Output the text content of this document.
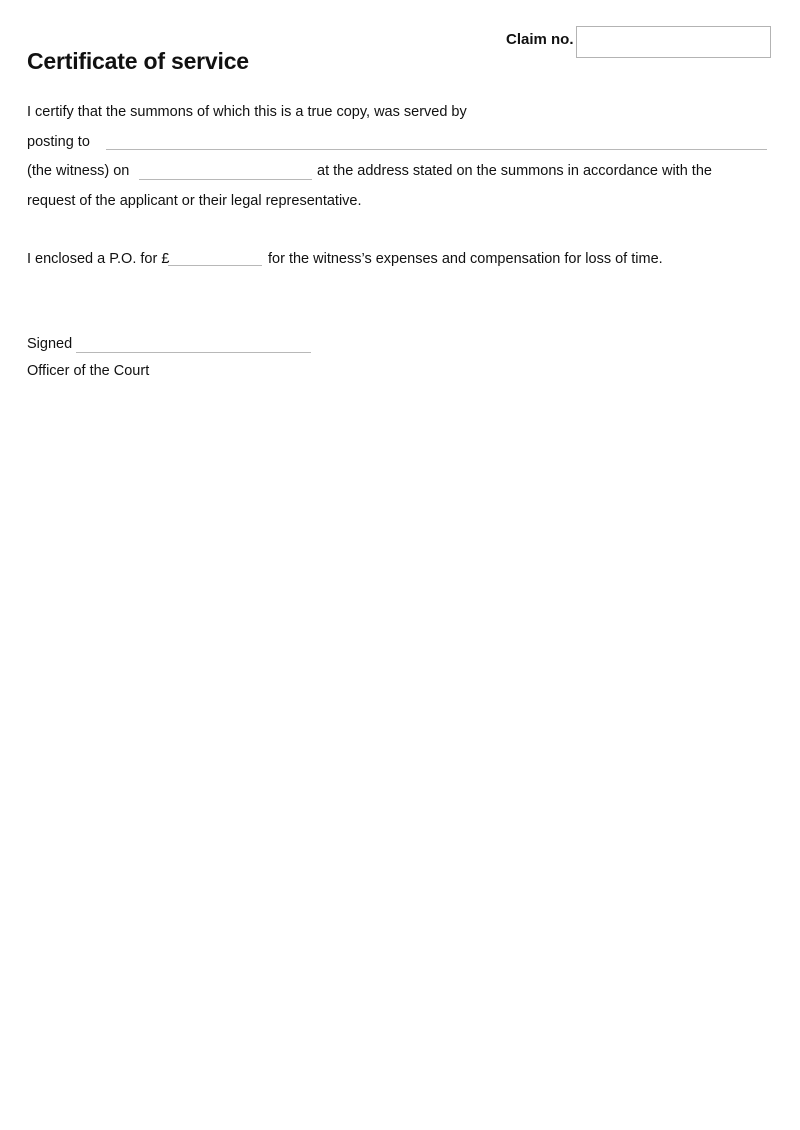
Claim no.
Certificate of service
I certify that the summons of which this is a true copy, was served by
posting to
(the witness) on	at the address stated on the summons in accordance with the
request of the applicant or their legal representative.
I enclosed a P.O. for £	for the witness’s expenses and compensation for loss of time.
Signed
Officer of the Court
